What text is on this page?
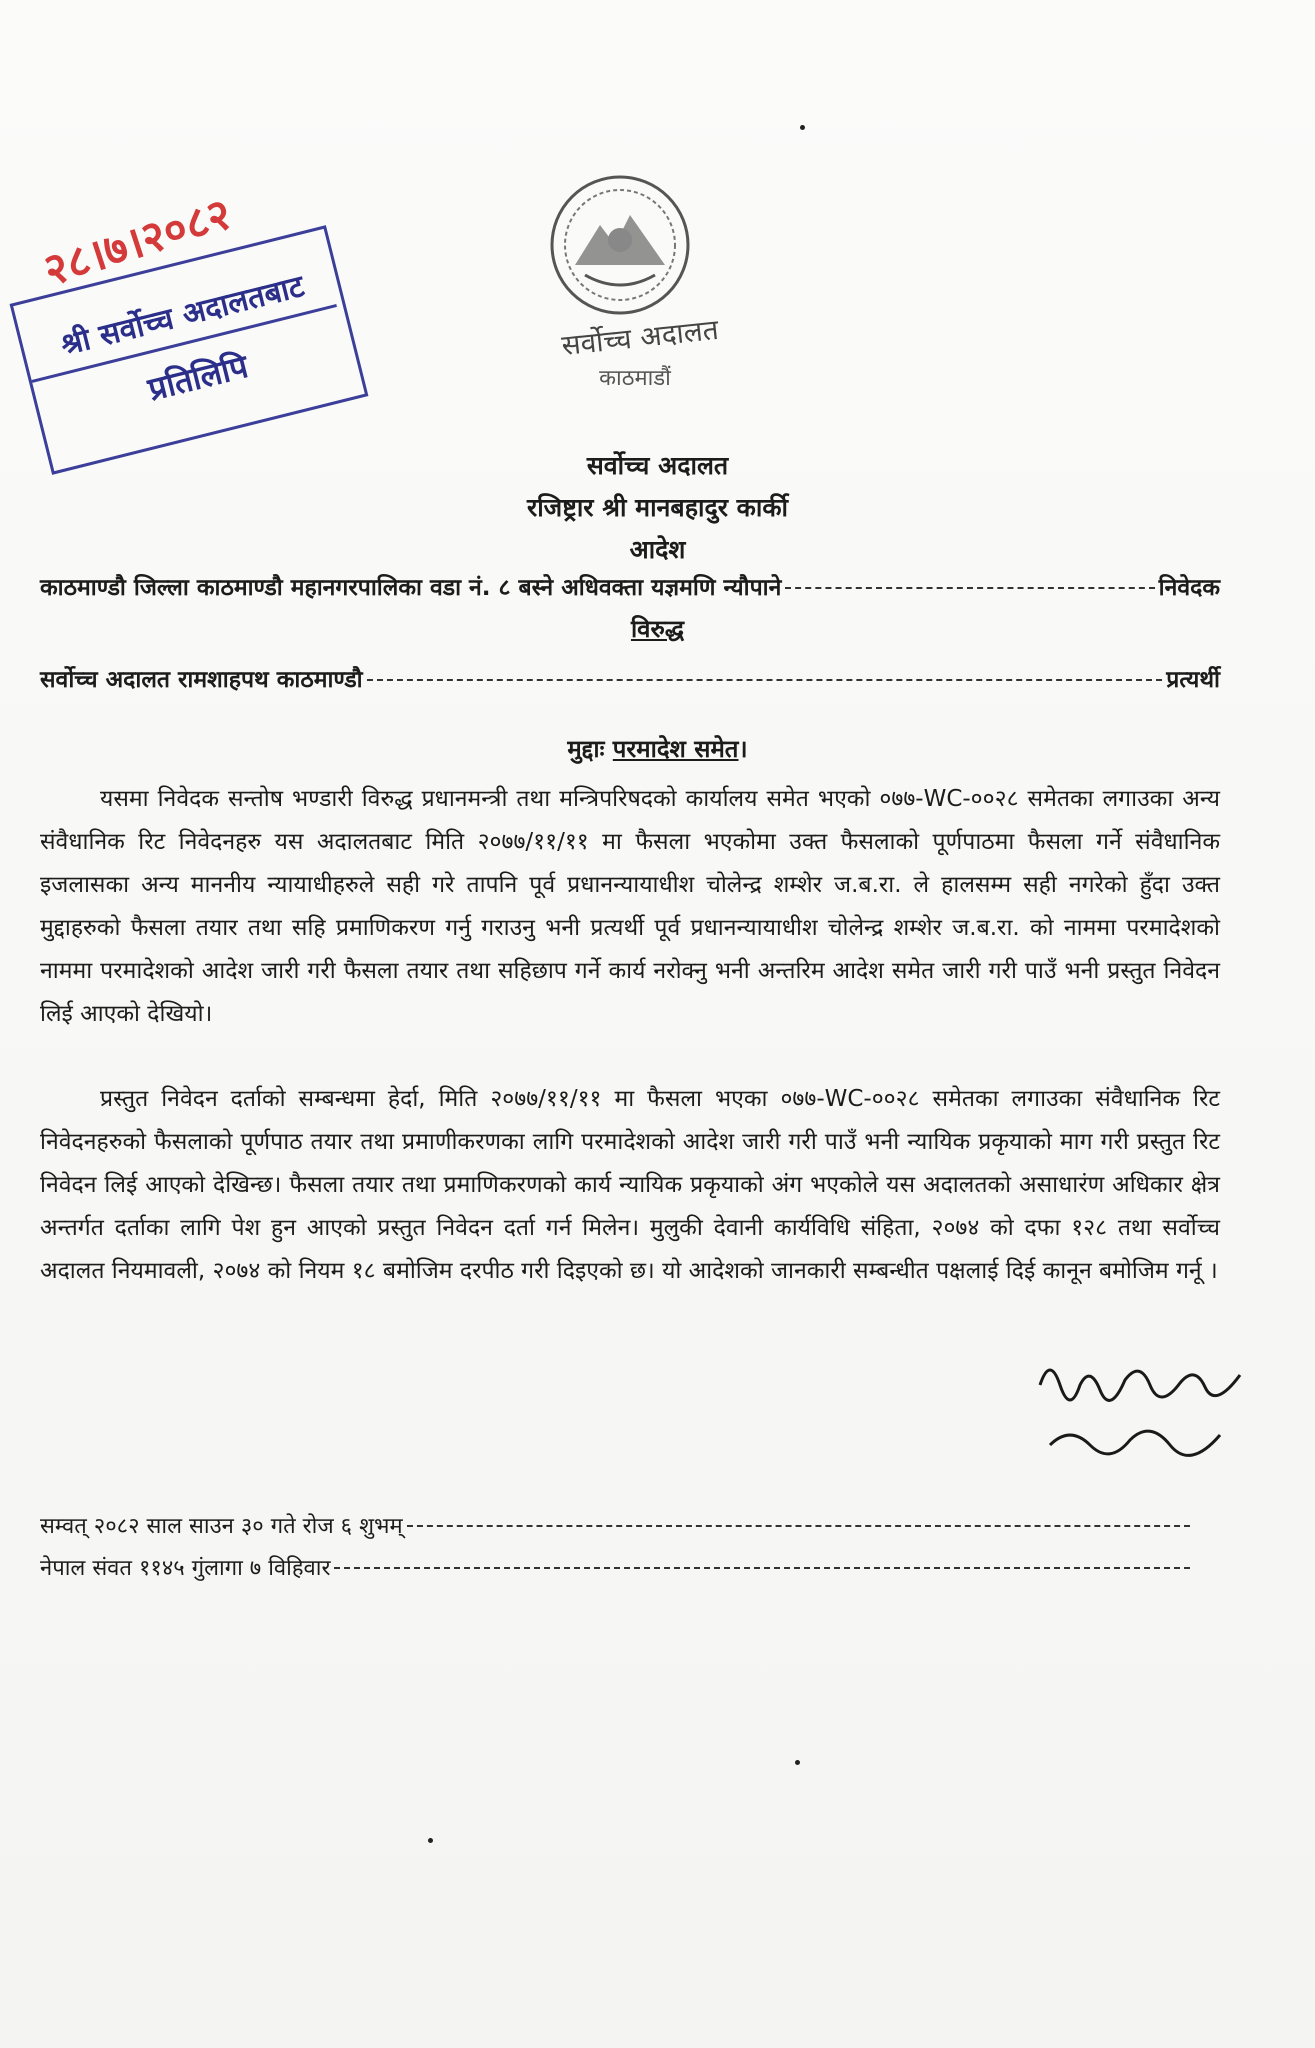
२८।७।२०८२
श्री सर्वोच्च अदालतबाट
प्रतिलिपि
सर्वोच्च अदालत
काठमाडौं
सर्वोच्च अदालत
रजिष्ट्रार श्री मानबहादुर कार्की
आदेश
काठमाण्डौ जिल्ला काठमाण्डौ महानगरपालिका वडा नं. ८ बस्ने अधिवक्ता यज्ञमणि न्यौपाने	निवेदक
विरुद्ध
सर्वोच्च अदालत रामशाहपथ काठमाण्डौ	प्रत्यर्थी
मुद्दाः परमादेश समेत।
यसमा निवेदक सन्तोष भण्डारी विरुद्ध प्रधानमन्त्री तथा मन्त्रिपरिषदको कार्यालय समेत भएको ०७७-WC-००२८ समेतका लगाउका अन्य संवैधानिक रिट निवेदनहरु यस अदालतबाट मिति २०७७/११/११ मा फैसला भएकोमा उक्त फैसलाको पूर्णपाठमा फैसला गर्ने संवैधानिक इजलासका अन्य माननीय न्यायाधीहरुले सही गरे तापनि पूर्व प्रधानन्यायाधीश चोलेन्द्र शम्शेर ज.ब.रा. ले हालसम्म सही नगरेको हुँदा उक्त मुद्दाहरुको फैसला तयार तथा सहि प्रमाणिकरण गर्नु गराउनु भनी प्रत्यर्थी पूर्व प्रधानन्यायाधीश चोलेन्द्र शम्शेर ज.ब.रा. को नाममा परमादेशको नाममा परमादेशको आदेश जारी गरी फैसला तयार तथा सहिछाप गर्ने कार्य नरोक्नु भनी अन्तरिम आदेश समेत जारी गरी पाउँ भनी प्रस्तुत निवेदन लिई आएको देखियो।
प्रस्तुत निवेदन दर्ताको सम्बन्धमा हेर्दा, मिति २०७७/११/११ मा फैसला भएका ०७७-WC-००२८ समेतका लगाउका संवैधानिक रिट निवेदनहरुको फैसलाको पूर्णपाठ तयार तथा प्रमाणीकरणका लागि परमादेशको आदेश जारी गरी पाउँ भनी न्यायिक प्रकृयाको माग गरी प्रस्तुत रिट निवेदन लिई आएको देखिन्छ। फैसला तयार तथा प्रमाणिकरणको कार्य न्यायिक प्रकृयाको अंग भएकोले यस अदालतको असाधारंण अधिकार क्षेत्र अन्तर्गत दर्ताका लागि पेश हुन आएको प्रस्तुत निवेदन दर्ता गर्न मिलेन। मुलुकी देवानी कार्यविधि संहिता, २०७४ को दफा १२८ तथा सर्वोच्च अदालत नियमावली, २०७४ को नियम १८ बमोजिम दरपीठ गरी दिइएको छ। यो आदेशको जानकारी सम्बन्धीत पक्षलाई दिई कानून बमोजिम गर्नू ।
सम्वत् २०८२ साल साउन ३० गते रोज ६ शुभम्
नेपाल संवत ११४५ गुंलागा ७ विहिवार
